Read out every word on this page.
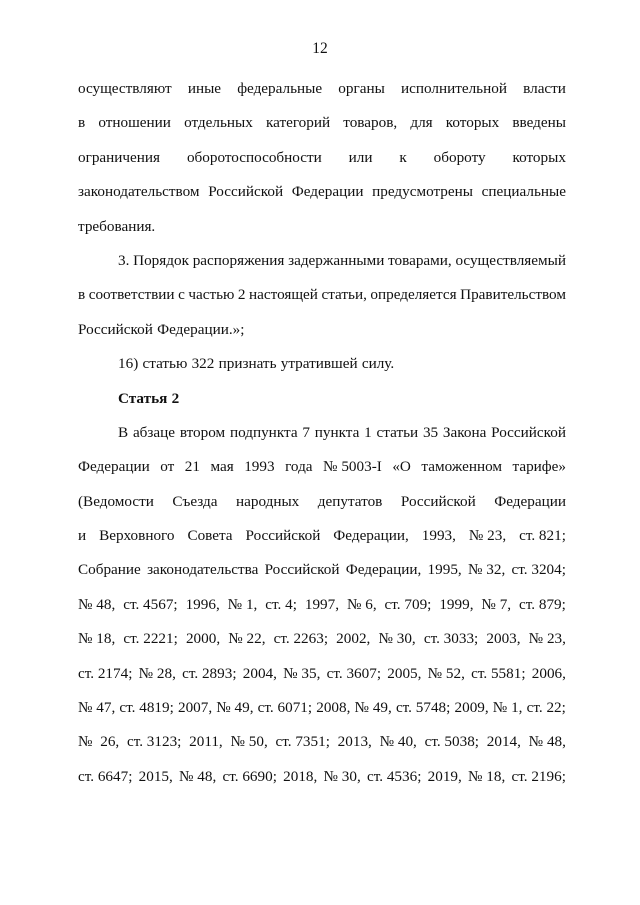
12
осуществляют иные федеральные органы исполнительной власти
в отношении отдельных категорий товаров, для которых введены
ограничения оборотоспособности или к обороту которых
законодательством Российской Федерации предусмотрены специальные
требования.
3. Порядок распоряжения задержанными товарами, осуществляемый
в соответствии с частью 2 настоящей статьи, определяется Правительством
Российской Федерации.»;
16) статью 322 признать утратившей силу.
Статья 2
В абзаце втором подпункта 7 пункта 1 статьи 35 Закона Российской
Федерации от 21 мая 1993 года № 5003-I «О таможенном тарифе»
(Ведомости Съезда народных депутатов Российской Федерации
и Верховного Совета Российской Федерации, 1993, № 23, ст. 821;
Собрание законодательства Российской Федерации, 1995, № 32, ст. 3204;
№ 48, ст. 4567; 1996, № 1, ст. 4; 1997, № 6, ст. 709; 1999, № 7, ст. 879;
№ 18, ст. 2221; 2000, № 22, ст. 2263; 2002, № 30, ст. 3033; 2003, № 23,
ст. 2174; № 28, ст. 2893; 2004, № 35, ст. 3607; 2005, № 52, ст. 5581; 2006,
№ 47, ст. 4819; 2007, № 49, ст. 6071; 2008, № 49, ст. 5748; 2009, № 1, ст. 22;
№ 26, ст. 3123; 2011, № 50, ст. 7351; 2013, № 40, ст. 5038; 2014, № 48,
ст. 6647; 2015, № 48, ст. 6690; 2018, № 30, ст. 4536; 2019, № 18, ст. 2196;
